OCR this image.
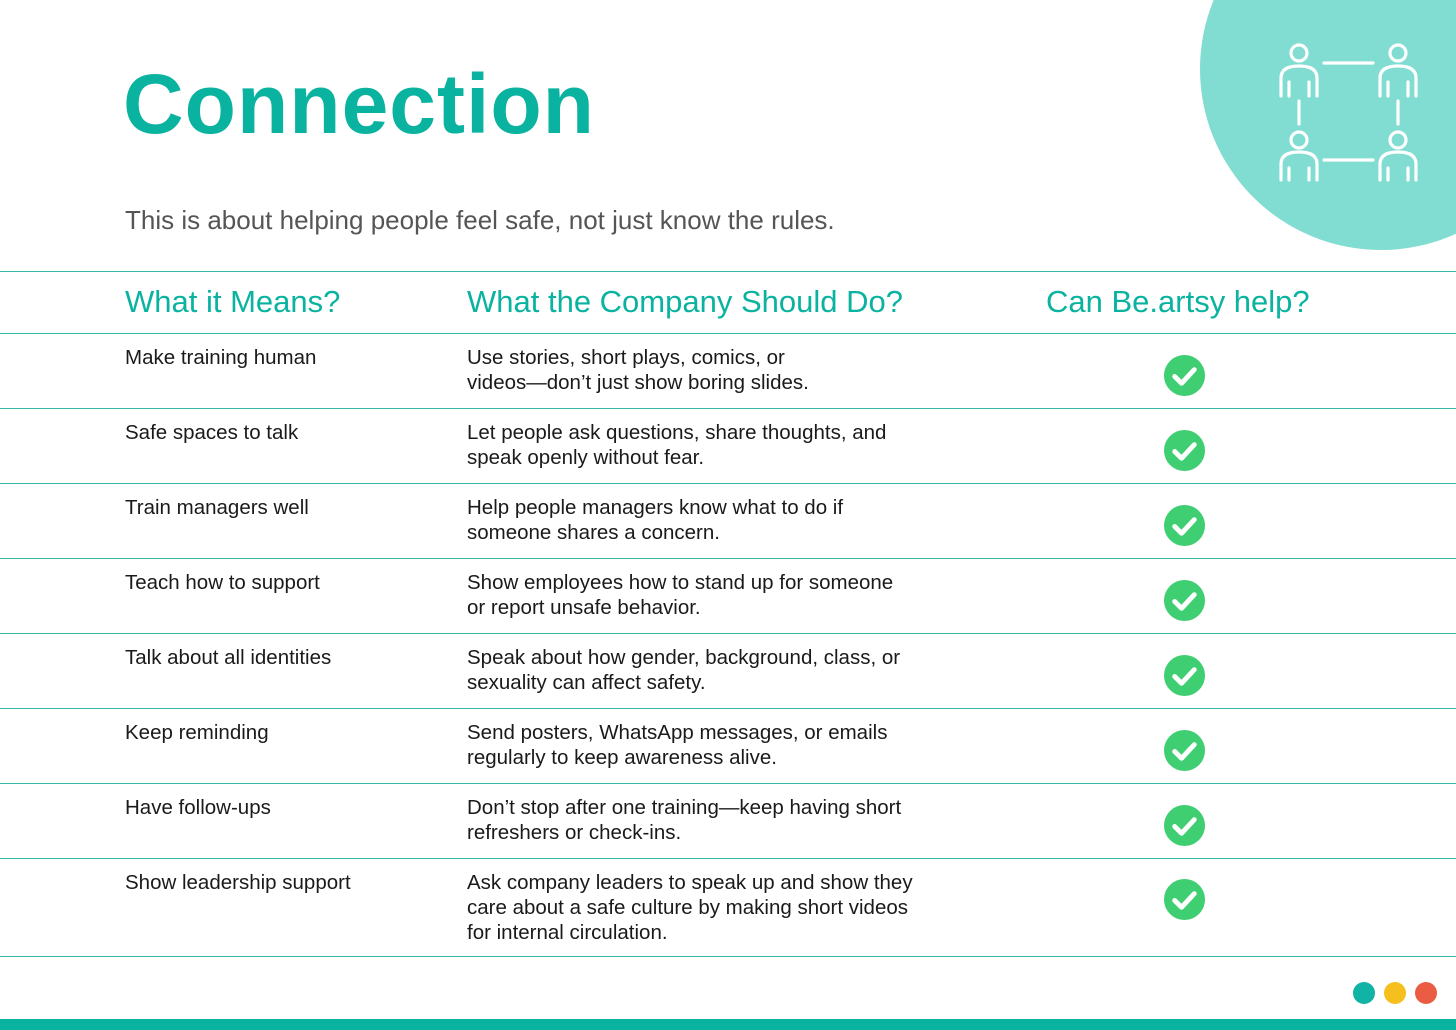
Connection

This is about helping people feel safe, not just know the rules.

What it Means?	What the Company Should Do?	Can Be.artsy help?
Make training human	Use stories, short plays, comics, or
videos—don’t just show boring slides.
Safe spaces to talk	Let people ask questions, share thoughts, and
speak openly without fear.
Train managers well	Help people managers know what to do if
someone shares a concern.
Teach how to support	Show employees how to stand up for someone
or report unsafe behavior.
Talk about all identities	Speak about how gender, background, class, or
sexuality can affect safety.
Keep reminding	Send posters, WhatsApp messages, or emails
regularly to keep awareness alive.
Have follow-ups	Don’t stop after one training—keep having short
refreshers or check-ins.
Show leadership support	Ask company leaders to speak up and show they
care about a safe culture by making short videos
for internal circulation.
